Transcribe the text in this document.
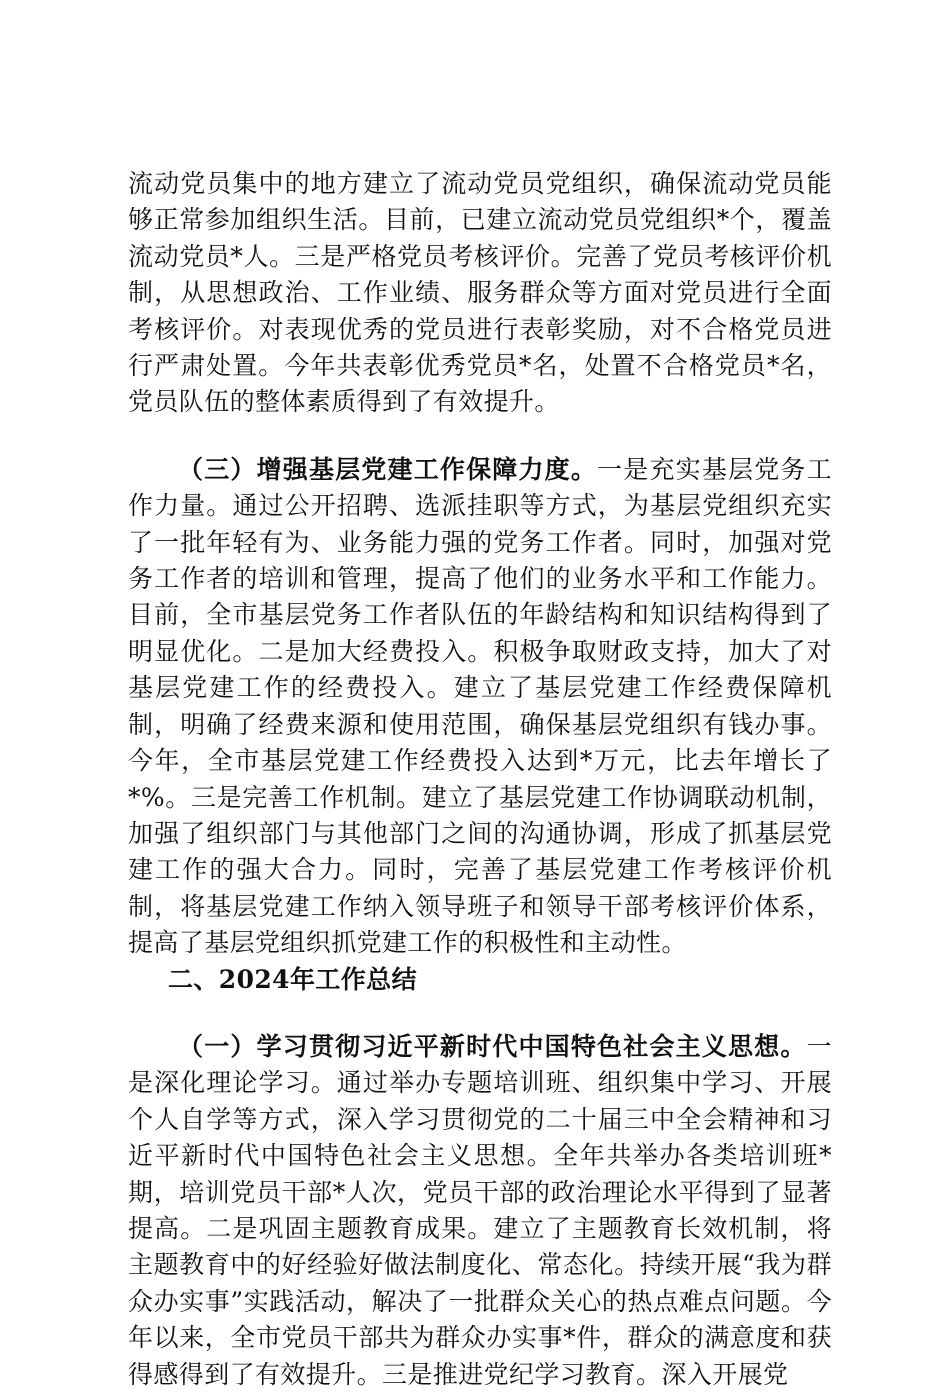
流动党员集中的地方建立了流动党员党组织，确保流动党员能够正常参加组织生活。目前，已建立流动党员党组织*个，覆盖流动党员*人。三是严格党员考核评价。完善了党员考核评价机制，从思想政治、工作业绩、服务群众等方面对党员进行全面考核评价。对表现优秀的党员进行表彰奖励，对不合格党员进行严肃处置。今年共表彰优秀党员*名，处置不合格党员*名，党员队伍的整体素质得到了有效提升。

（三）增强基层党建工作保障力度。一是充实基层党务工作力量。通过公开招聘、选派挂职等方式，为基层党组织充实了一批年轻有为、业务能力强的党务工作者。同时，加强对党务工作者的培训和管理，提高了他们的业务水平和工作能力。目前，全市基层党务工作者队伍的年龄结构和知识结构得到了明显优化。二是加大经费投入。积极争取财政支持，加大了对基层党建工作的经费投入。建立了基层党建工作经费保障机制，明确了经费来源和使用范围，确保基层党组织有钱办事。今年，全市基层党建工作经费投入达到*万元，比去年增长了*%。三是完善工作机制。建立了基层党建工作协调联动机制，加强了组织部门与其他部门之间的沟通协调，形成了抓基层党建工作的强大合力。同时，完善了基层党建工作考核评价机制，将基层党建工作纳入领导班子和领导干部考核评价体系，提高了基层党组织抓党建工作的积极性和主动性。

二、2024年工作总结

（一）学习贯彻习近平新时代中国特色社会主义思想。一是深化理论学习。通过举办专题培训班、组织集中学习、开展个人自学等方式，深入学习贯彻党的二十届三中全会精神和习近平新时代中国特色社会主义思想。全年共举办各类培训班*期，培训党员干部*人次，党员干部的政治理论水平得到了显著提高。二是巩固主题教育成果。建立了主题教育长效机制，将主题教育中的好经验好做法制度化、常态化。持续开展“我为群众办实事”实践活动，解决了一批群众关心的热点难点问题。今年以来，全市党员干部共为群众办实事*件，群众的满意度和获得感得到了有效提升。三是推进党纪学习教育。深入开展党
